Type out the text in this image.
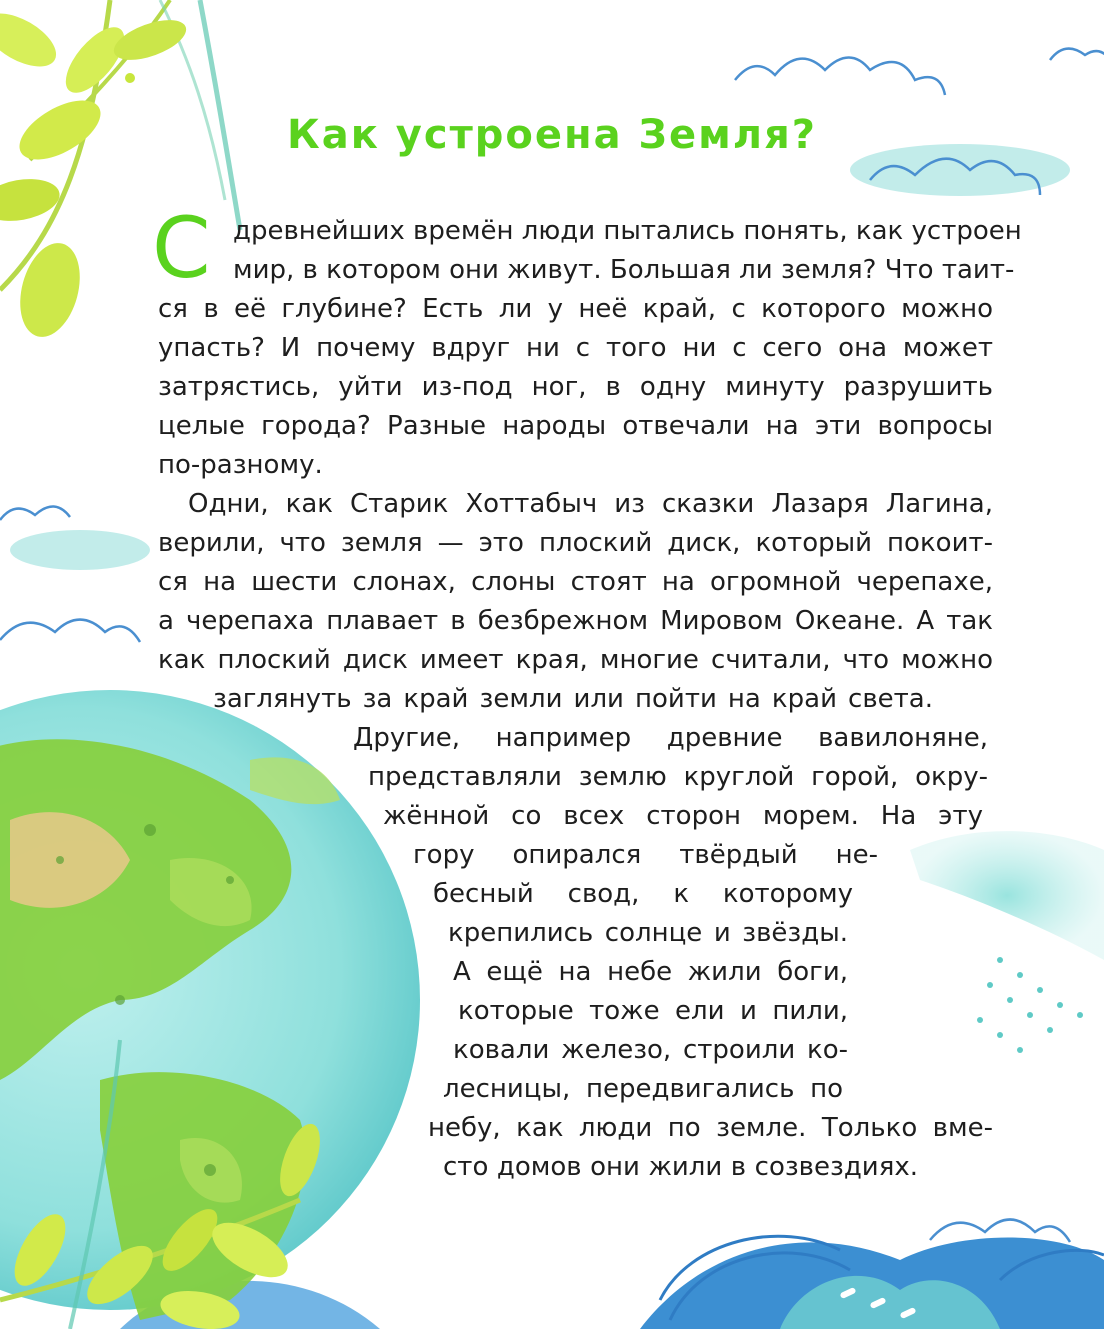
Как устроена Земля?
С древнейших времён люди пытались понять, как устроен

мир, в котором они живут. Большая ли земля? Что таит-

ся в её глубине? Есть ли у неё край, с которого можно

упасть? И почему вдруг ни с того ни с сего она может

затрястись, уйти из-под ног, в одну минуту разрушить

целые города? Разные народы отвечали на эти вопросы

по-разному.

Одни, как Старик Хоттабыч из сказки Лазаря Лагина,

верили, что земля — это плоский диск, который покоит-

ся на шести слонах, слоны стоят на огромной черепахе,

а черепаха плавает в безбрежном Мировом Океане. А так

как плоский диск имеет края, многие считали, что можно

заглянуть за край земли или пойти на край света.

Другие, например древние вавилоняне,

представляли землю круглой горой, окру-

жённой со всех сторон морем. На эту

гору опирался твёрдый не-

бесный свод, к которому

крепились солнце и звёзды.

А ещё на небе жили боги,

которые тоже ели и пили,

ковали железо, строили ко-

лесницы, передвигались по

небу, как люди по земле. Только вме-

сто домов они жили в созвездиях.
